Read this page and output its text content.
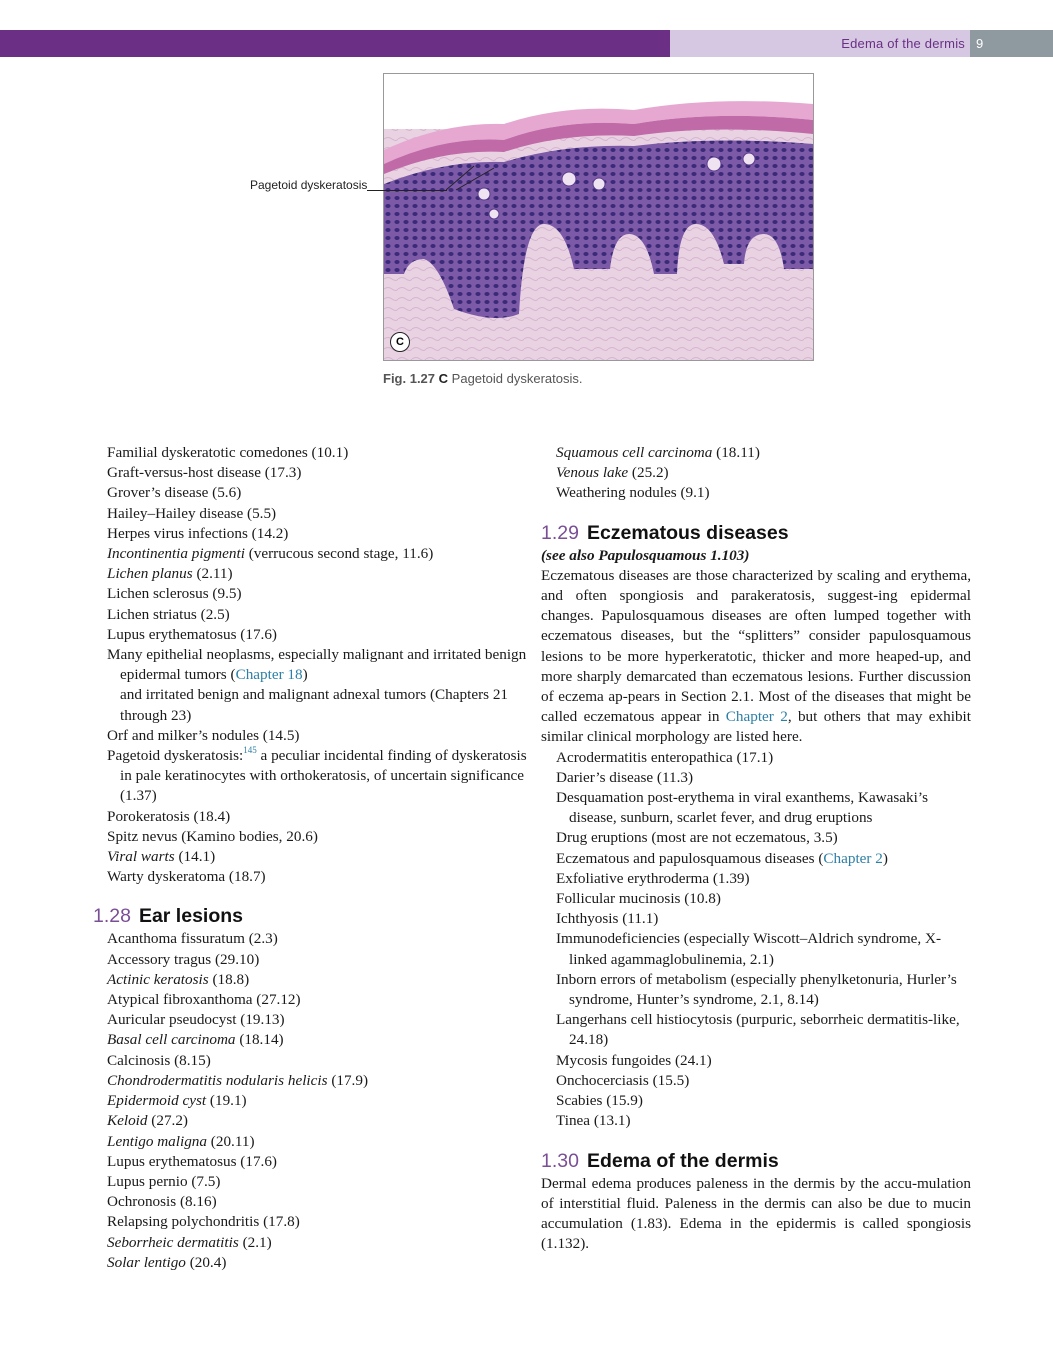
Edema of the dermis 9
C
Pagetoid dyskeratosis
Fig. 1.27 C Pagetoid dyskeratosis.
Familial dyskeratotic comedones (10.1)
Graft-versus-host disease (17.3)
Grover’s disease (5.6)
Hailey–Hailey disease (5.5)
Herpes virus infections (14.2)
Incontinentia pigmenti (verrucous second stage, 11.6)
Lichen planus (2.11)
Lichen sclerosus (9.5)
Lichen striatus (2.5)
Lupus erythematosus (17.6)
Many epithelial neoplasms, especially malignant and irritated benign epidermal tumors (Chapter 18)
and irritated benign and malignant adnexal tumors (Chapters 21 through 23)
Orf and milker’s nodules (14.5)
Pagetoid dyskeratosis:$^{145}$ a peculiar incidental finding of dyskeratosis in pale keratinocytes with orthokeratosis, of uncertain significance (1.37)
Porokeratosis (18.4)
Spitz nevus (Kamino bodies, 20.6)
Viral warts (14.1)
Warty dyskeratoma (18.7)
1.28 Ear lesions
Acanthoma fissuratum (2.3)
Accessory tragus (29.10)
Actinic keratosis (18.8)
Atypical fibroxanthoma (27.12)
Auricular pseudocyst (19.13)
Basal cell carcinoma (18.14)
Calcinosis (8.15)
Chondrodermatitis nodularis helicis (17.9)
Epidermoid cyst (19.1)
Keloid (27.2)
Lentigo maligna (20.11)
Lupus erythematosus (17.6)
Lupus pernio (7.5)
Ochronosis (8.16)
Relapsing polychondritis (17.8)
Seborrheic dermatitis (2.1)
Solar lentigo (20.4)
Squamous cell carcinoma (18.11)
Venous lake (25.2)
Weathering nodules (9.1)
1.29 Eczematous diseases
(see also Papulosquamous 1.103)
Eczematous diseases are those characterized by scaling and erythema, and often spongiosis and parakeratosis, suggest-ing epidermal changes. Papulosquamous diseases are often lumped together with eczematous diseases, but the “splitters” consider papulosquamous lesions to be more hyperkeratotic, thicker and more heaped-up, and more sharply demarcated than eczematous lesions. Further discussion of eczema ap-pears in Section 2.1. Most of the diseases that might be called eczematous appear in Chapter 2, but others that may exhibit similar clinical morphology are listed here.
Acrodermatitis enteropathica (17.1)
Darier’s disease (11.3)
Desquamation post-erythema in viral exanthems, Kawasaki’s disease, sunburn, scarlet fever, and drug eruptions
Drug eruptions (most are not eczematous, 3.5)
Eczematous and papulosquamous diseases (Chapter 2)
Exfoliative erythroderma (1.39)
Follicular mucinosis (10.8)
Ichthyosis (11.1)
Immunodeficiencies (especially Wiscott–Aldrich syndrome, X-linked agammaglobulinemia, 2.1)
Inborn errors of metabolism (especially phenylketonuria, Hurler’s syndrome, Hunter’s syndrome, 2.1, 8.14)
Langerhans cell histiocytosis (purpuric, seborrheic dermatitis-like, 24.18)
Mycosis fungoides (24.1)
Onchocerciasis (15.5)
Scabies (15.9)
Tinea (13.1)
1.30 Edema of the dermis
Dermal edema produces paleness in the dermis by the accu-mulation of interstitial fluid. Paleness in the dermis can also be due to mucin accumulation (1.83). Edema in the epidermis is called spongiosis (1.132).
